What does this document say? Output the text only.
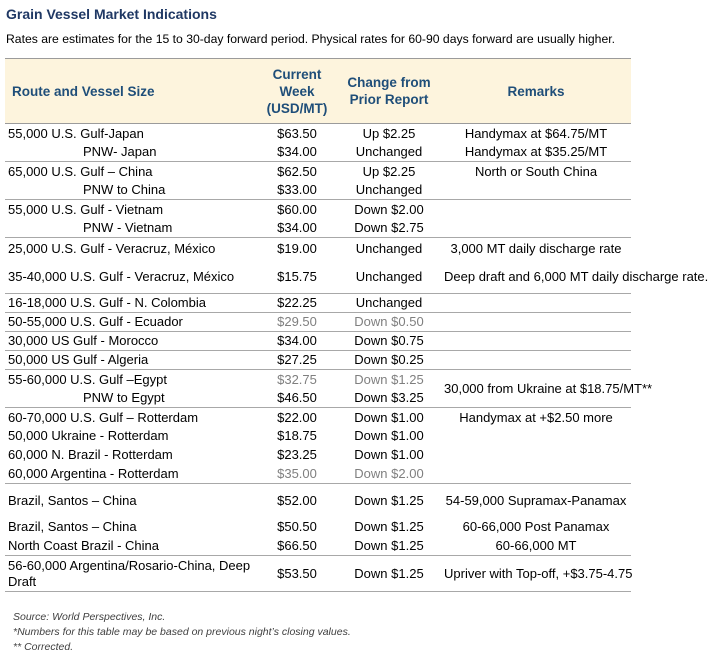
Grain Vessel Market Indications
Rates are estimates for the 15 to 30-day forward period. Physical rates for 60-90 days forward are usually higher.
Route and Vessel Size	Current Week (USD/MT)	Change from Prior Report	Remarks
55,000 U.S. Gulf-Japan	$63.50	Up $2.25	Handymax at $64.75/MT
PNW- Japan	$34.00	Unchanged	Handymax at $35.25/MT
65,000 U.S. Gulf – China	$62.50	Up $2.25	North or South China
PNW to China	$33.00	Unchanged	
55,000 U.S. Gulf - Vietnam	$60.00	Down $2.00	
PNW - Vietnam	$34.00	Down $2.75	
25,000 U.S. Gulf - Veracruz, México	$19.00	Unchanged	3,000 MT daily discharge rate
35-40,000 U.S. Gulf - Veracruz, México	$15.75	Unchanged	Deep draft and 6,000 MT daily discharge rate.
16-18,000 U.S. Gulf - N. Colombia	$22.25	Unchanged	
50-55,000 U.S. Gulf - Ecuador	$29.50	Down $0.50	
30,000 US Gulf - Morocco	$34.00	Down $0.75	
50,000 US Gulf - Algeria	$27.25	Down $0.25	
55-60,000 U.S. Gulf –Egypt	$32.75	Down $1.25	30,000 from Ukraine at $18.75/MT**
PNW to Egypt	$46.50	Down $3.25	
60-70,000 U.S. Gulf – Rotterdam	$22.00	Down $1.00	Handymax at +$2.50 more
50,000 Ukraine - Rotterdam	$18.75	Down $1.00	
60,000 N. Brazil - Rotterdam	$23.25	Down $1.00	
60,000 Argentina - Rotterdam	$35.00	Down $2.00	
Brazil, Santos – China	$52.00	Down $1.25	54-59,000 Supramax-Panamax
Brazil, Santos – China	$50.50	Down $1.25	60-66,000 Post Panamax
North Coast Brazil - China	$66.50	Down $1.25	60-66,000 MT
56-60,000 Argentina/Rosario-China, Deep Draft	$53.50	Down $1.25	Upriver with Top-off, +$3.75-4.75
Source: World Perspectives, Inc.
*Numbers for this table may be based on previous night’s closing values.
** Corrected.
